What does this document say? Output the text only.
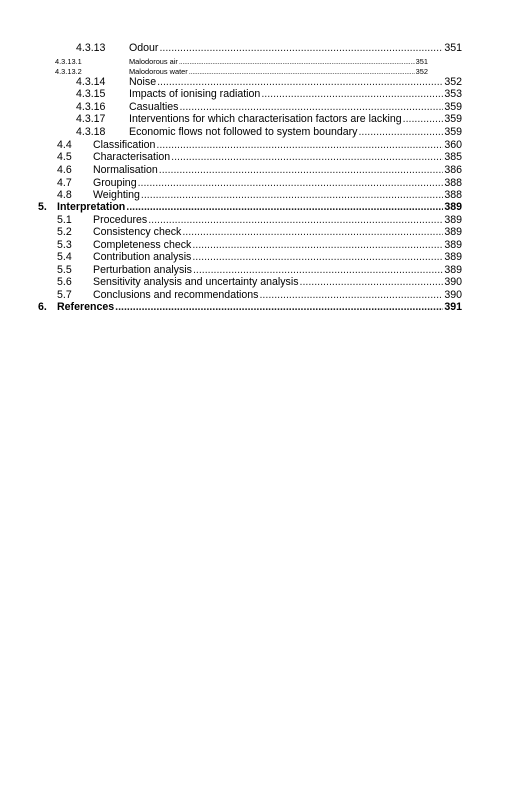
4.3.13 Odour .....	351
4.3.13.1	Malodorous air .....	351
4.3.13.2	Malodorous water .....	352
4.3.14 Noise .....	352
4.3.15 Impacts of ionising radiation .....	353
4.3.16 Casualties .....	359
4.3.17 Interventions for which characterisation factors are lacking .....	359
4.3.18 Economic flows not followed to system boundary .....	359
4.4 Classification .....	360
4.5 Characterisation .....	385
4.6 Normalisation .....	386
4.7 Grouping .....	388
4.8 Weighting .....	388
5. Interpretation .....	389
5.1 Procedures .....	389
5.2 Consistency check .....	389
5.3 Completeness check .....	389
5.4 Contribution analysis .....	389
5.5 Perturbation analysis .....	389
5.6 Sensitivity analysis and uncertainty analysis .....	390
5.7 Conclusions and recommendations .....	390
6. References .....	391
